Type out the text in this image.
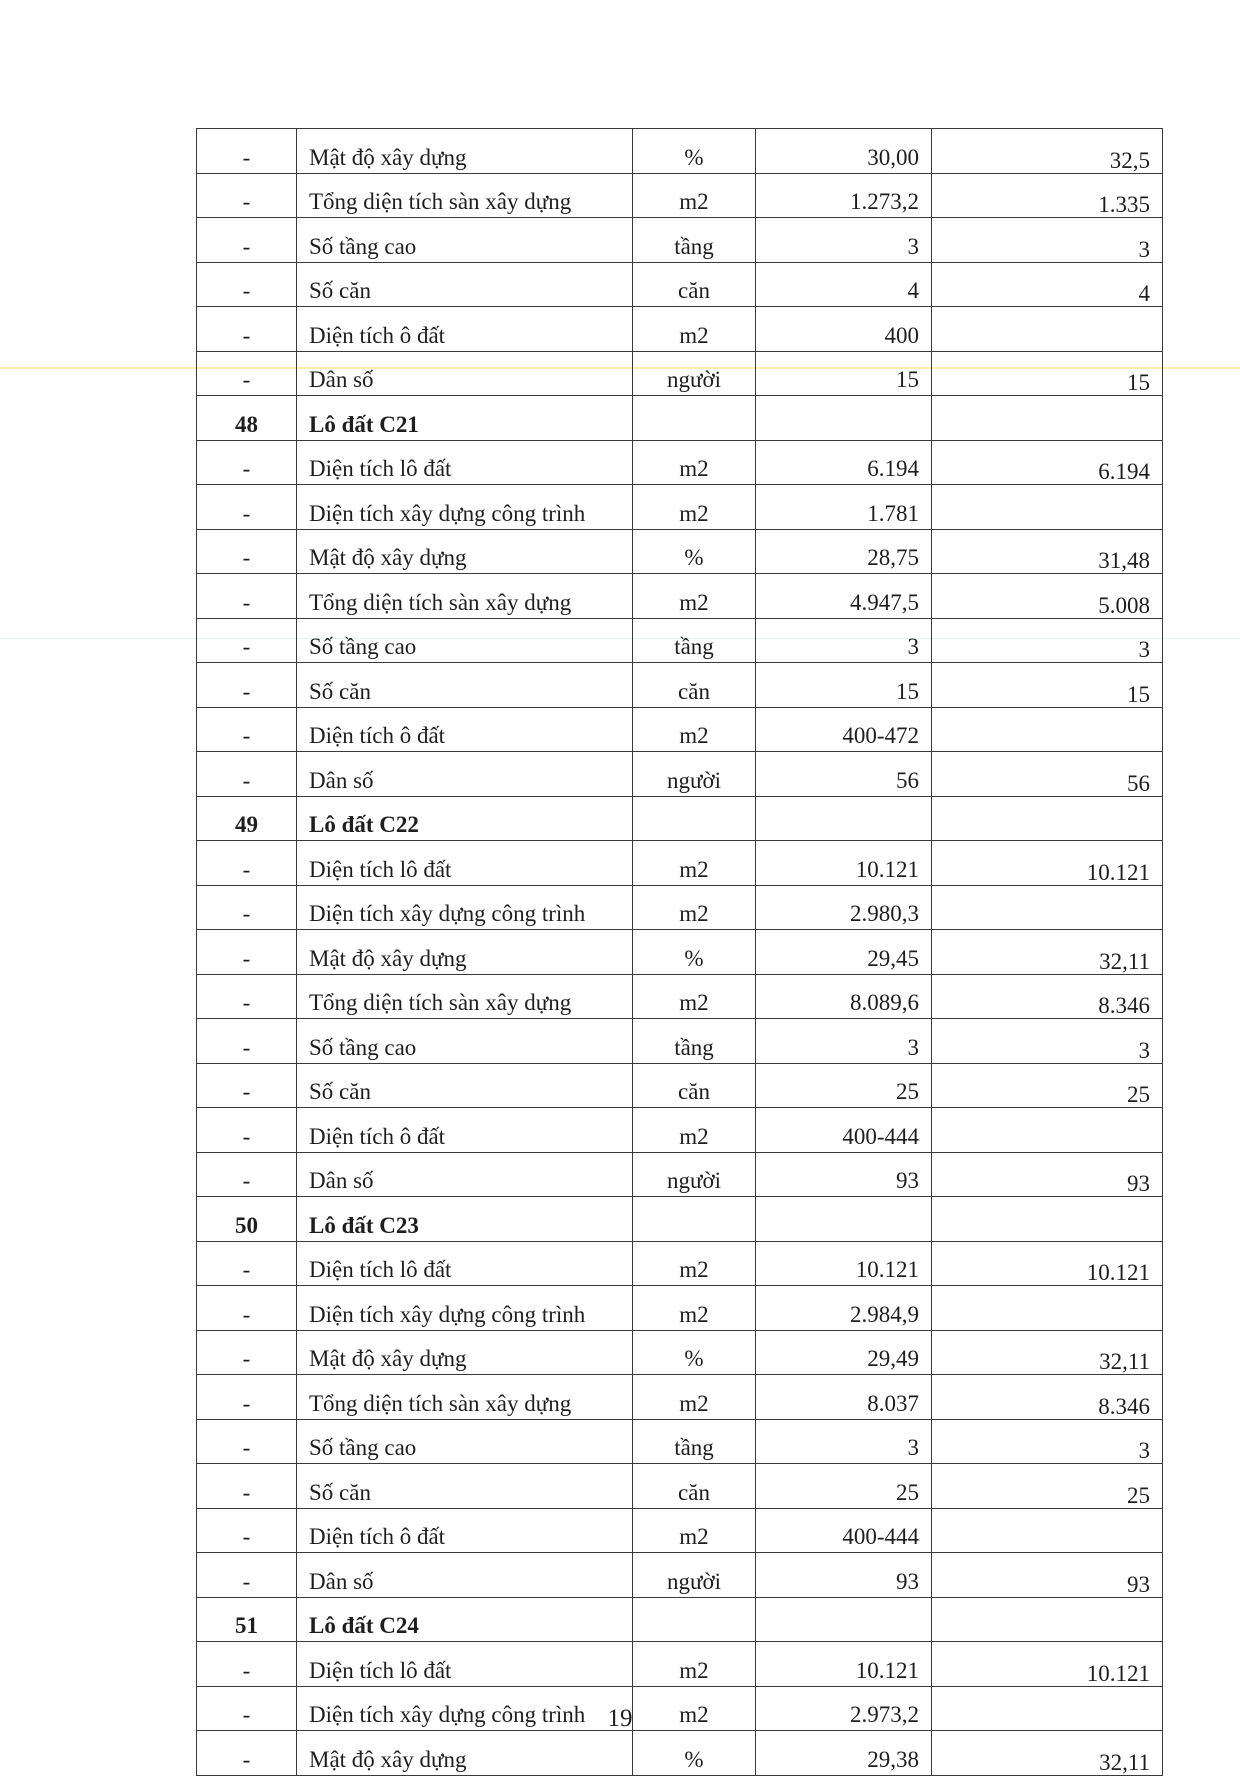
-	Mật độ xây dựng	%	30,00	32,5
-	Tổng diện tích sàn xây dựng	m2	1.273,2	1.335
-	Số tầng cao	tầng	3	3
-	Số căn	căn	4	4
-	Diện tích ô đất	m2	400	
-	Dân số	người	15	15
48	Lô đất C21			
-	Diện tích lô đất	m2	6.194	6.194
-	Diện tích xây dựng công trình	m2	1.781	
-	Mật độ xây dựng	%	28,75	31,48
-	Tổng diện tích sàn xây dựng	m2	4.947,5	5.008
-	Số tầng cao	tầng	3	3
-	Số căn	căn	15	15
-	Diện tích ô đất	m2	400-472	
-	Dân số	người	56	56
49	Lô đất C22			
-	Diện tích lô đất	m2	10.121	10.121
-	Diện tích xây dựng công trình	m2	2.980,3	
-	Mật độ xây dựng	%	29,45	32,11
-	Tổng diện tích sàn xây dựng	m2	8.089,6	8.346
-	Số tầng cao	tầng	3	3
-	Số căn	căn	25	25
-	Diện tích ô đất	m2	400-444	
-	Dân số	người	93	93
50	Lô đất C23			
-	Diện tích lô đất	m2	10.121	10.121
-	Diện tích xây dựng công trình	m2	2.984,9	
-	Mật độ xây dựng	%	29,49	32,11
-	Tổng diện tích sàn xây dựng	m2	8.037	8.346
-	Số tầng cao	tầng	3	3
-	Số căn	căn	25	25
-	Diện tích ô đất	m2	400-444	
-	Dân số	người	93	93
51	Lô đất C24			
-	Diện tích lô đất	m2	10.121	10.121
-	Diện tích xây dựng công trình	m2	2.973,2	
-	Mật độ xây dựng	%	29,38	32,11
19
